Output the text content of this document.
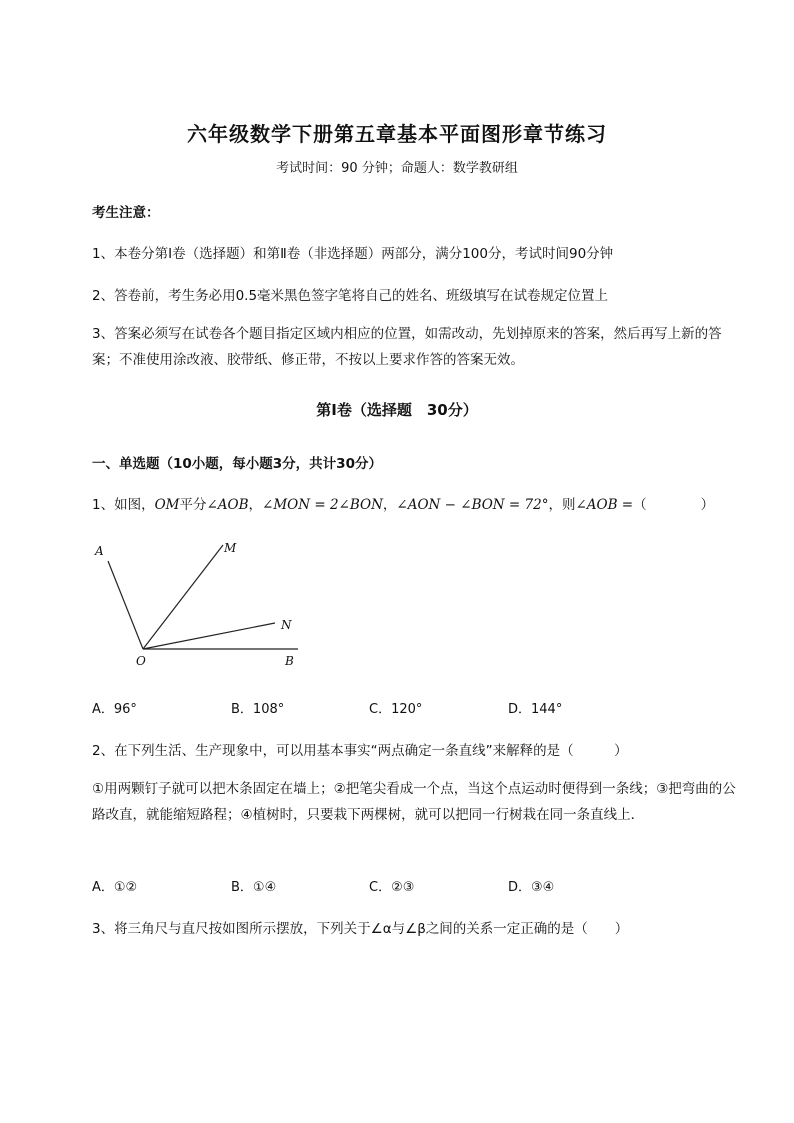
六年级数学下册第五章基本平面图形章节练习
考试时间：90 分钟；命题人：数学教研组
考生注意：
1、本卷分第Ⅰ卷（选择题）和第Ⅱ卷（非选择题）两部分，满分100分，考试时间90分钟
2、答卷前，考生务必用0.5毫米黑色签字笔将自己的姓名、班级填写在试卷规定位置上
3、答案必须写在试卷各个题目指定区域内相应的位置，如需改动，先划掉原来的答案，然后再写上新的答案；不准使用涂改液、胶带纸、修正带，不按以上要求作答的答案无效。
第Ⅰ卷（选择题　30分）
一、单选题（10小题，每小题3分，共计30分）
1、如图，OM平分∠AOB，∠MON = 2∠BON，∠AON − ∠BON = 72°，则∠AOB =（　　　　）
A	M
N
O	B
A．96°	B．108°	C．120°	D．144°
2、在下列生活、生产现象中，可以用基本事实“两点确定一条直线”来解释的是（　　　）
①用两颗钉子就可以把木条固定在墙上；②把笔尖看成一个点，当这个点运动时便得到一条线；③把弯曲的公路改直，就能缩短路程；④植树时，只要栽下两棵树，就可以把同一行树栽在同一条直线上．
A．①②	B．①④	C．②③	D．③④
3、将三角尺与直尺按如图所示摆放，下列关于∠α与∠β之间的关系一定正确的是（　　）
